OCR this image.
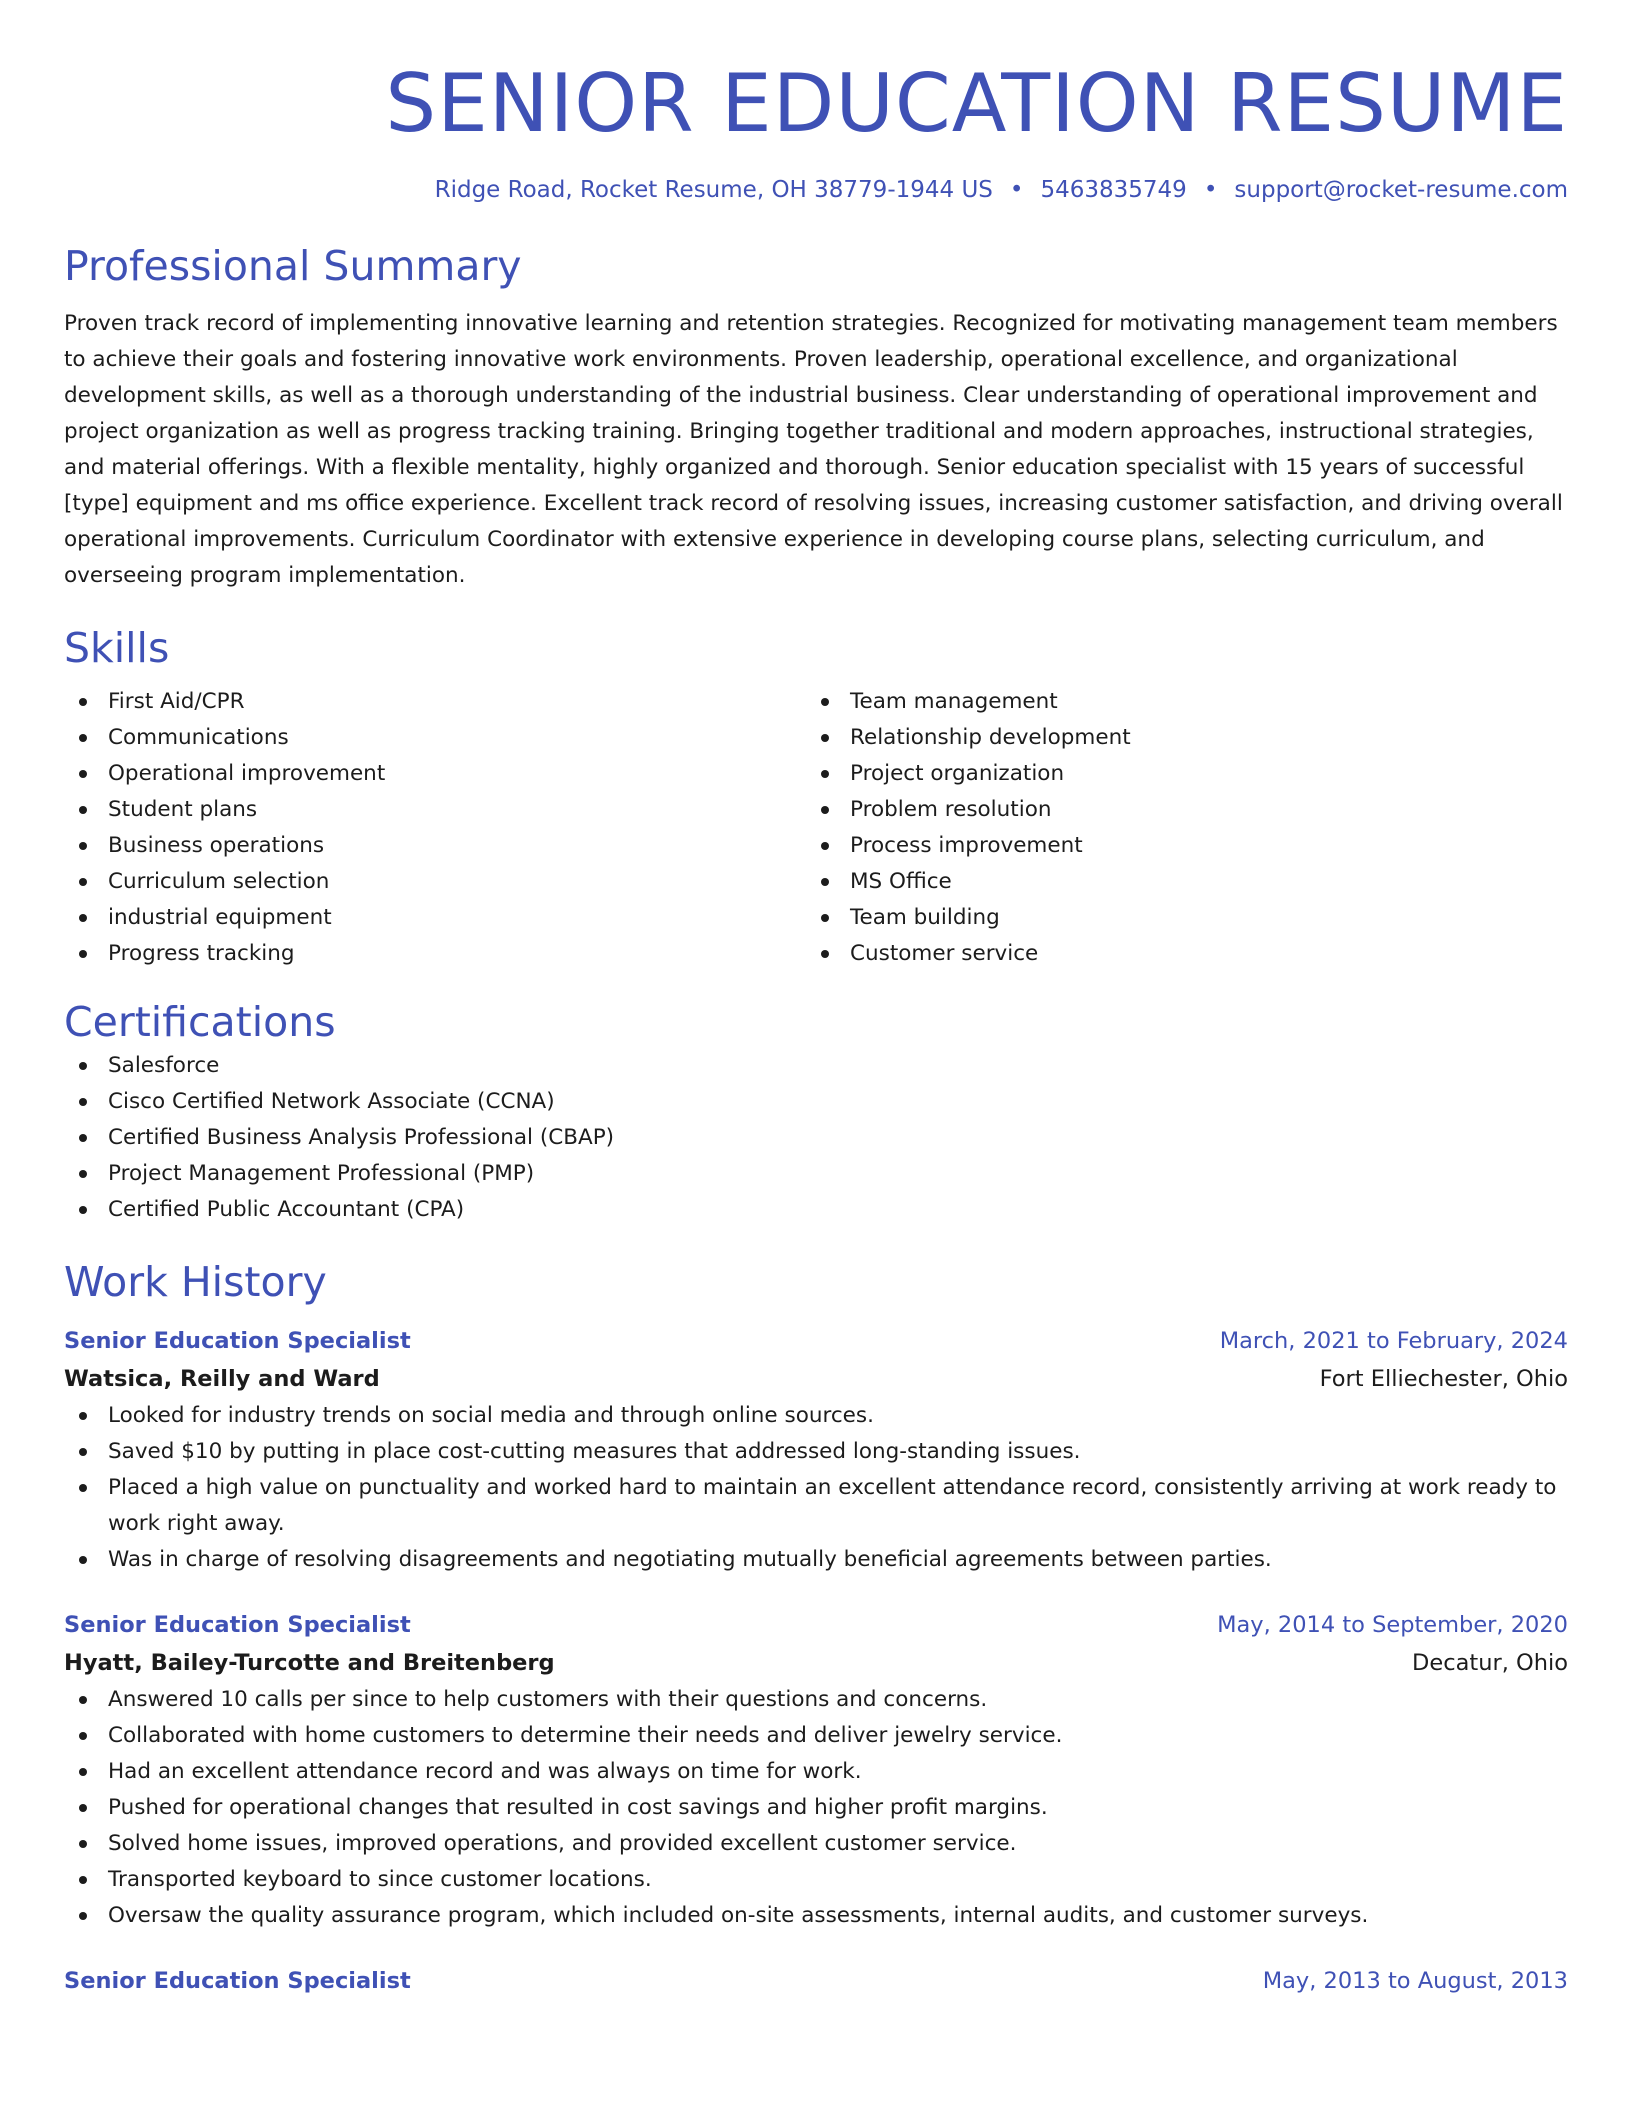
SENIOR EDUCATION RESUME
Ridge Road, Rocket Resume, OH 38779-1944 US • 5463835749 • support@rocket-resume.com
Professional Summary

Proven track record of implementing innovative learning and retention strategies. Recognized for motivating management team members to achieve their goals and fostering innovative work environments. Proven leadership, operational excellence, and organizational development skills, as well as a thorough understanding of the industrial business. Clear understanding of operational improvement and project organization as well as progress tracking training. Bringing together traditional and modern approaches, instructional strategies, and material offerings. With a flexible mentality, highly organized and thorough. Senior education specialist with 15 years of successful [type] equipment and ms office experience. Excellent track record of resolving issues, increasing customer satisfaction, and driving overall operational improvements. Curriculum Coordinator with extensive experience in developing course plans, selecting curriculum, and overseeing program implementation.

Skills
First Aid/CPR
Communications
Operational improvement
Student plans
Business operations
Curriculum selection
industrial equipment
Progress tracking
Team management
Relationship development
Project organization
Problem resolution
Process improvement
MS Office
Team building
Customer service
Certifications
Salesforce
Cisco Certified Network Associate (CCNA)
Certified Business Analysis Professional (CBAP)
Project Management Professional (PMP)
Certified Public Accountant (CPA)
Work History
Senior Education Specialist	March, 2021 to February, 2024
Watsica, Reilly and Ward	Fort Elliechester, Ohio
Looked for industry trends on social media and through online sources.
Saved $10 by putting in place cost-cutting measures that addressed long-standing issues.
Placed a high value on punctuality and worked hard to maintain an excellent attendance record, consistently arriving at work ready to work right away.
Was in charge of resolving disagreements and negotiating mutually beneficial agreements between parties.
Senior Education Specialist	May, 2014 to September, 2020
Hyatt, Bailey-Turcotte and Breitenberg	Decatur, Ohio
Answered 10 calls per since to help customers with their questions and concerns.
Collaborated with home customers to determine their needs and deliver jewelry service.
Had an excellent attendance record and was always on time for work.
Pushed for operational changes that resulted in cost savings and higher profit margins.
Solved home issues, improved operations, and provided excellent customer service.
Transported keyboard to since customer locations.
Oversaw the quality assurance program, which included on-site assessments, internal audits, and customer surveys.
Senior Education Specialist	May, 2013 to August, 2013
